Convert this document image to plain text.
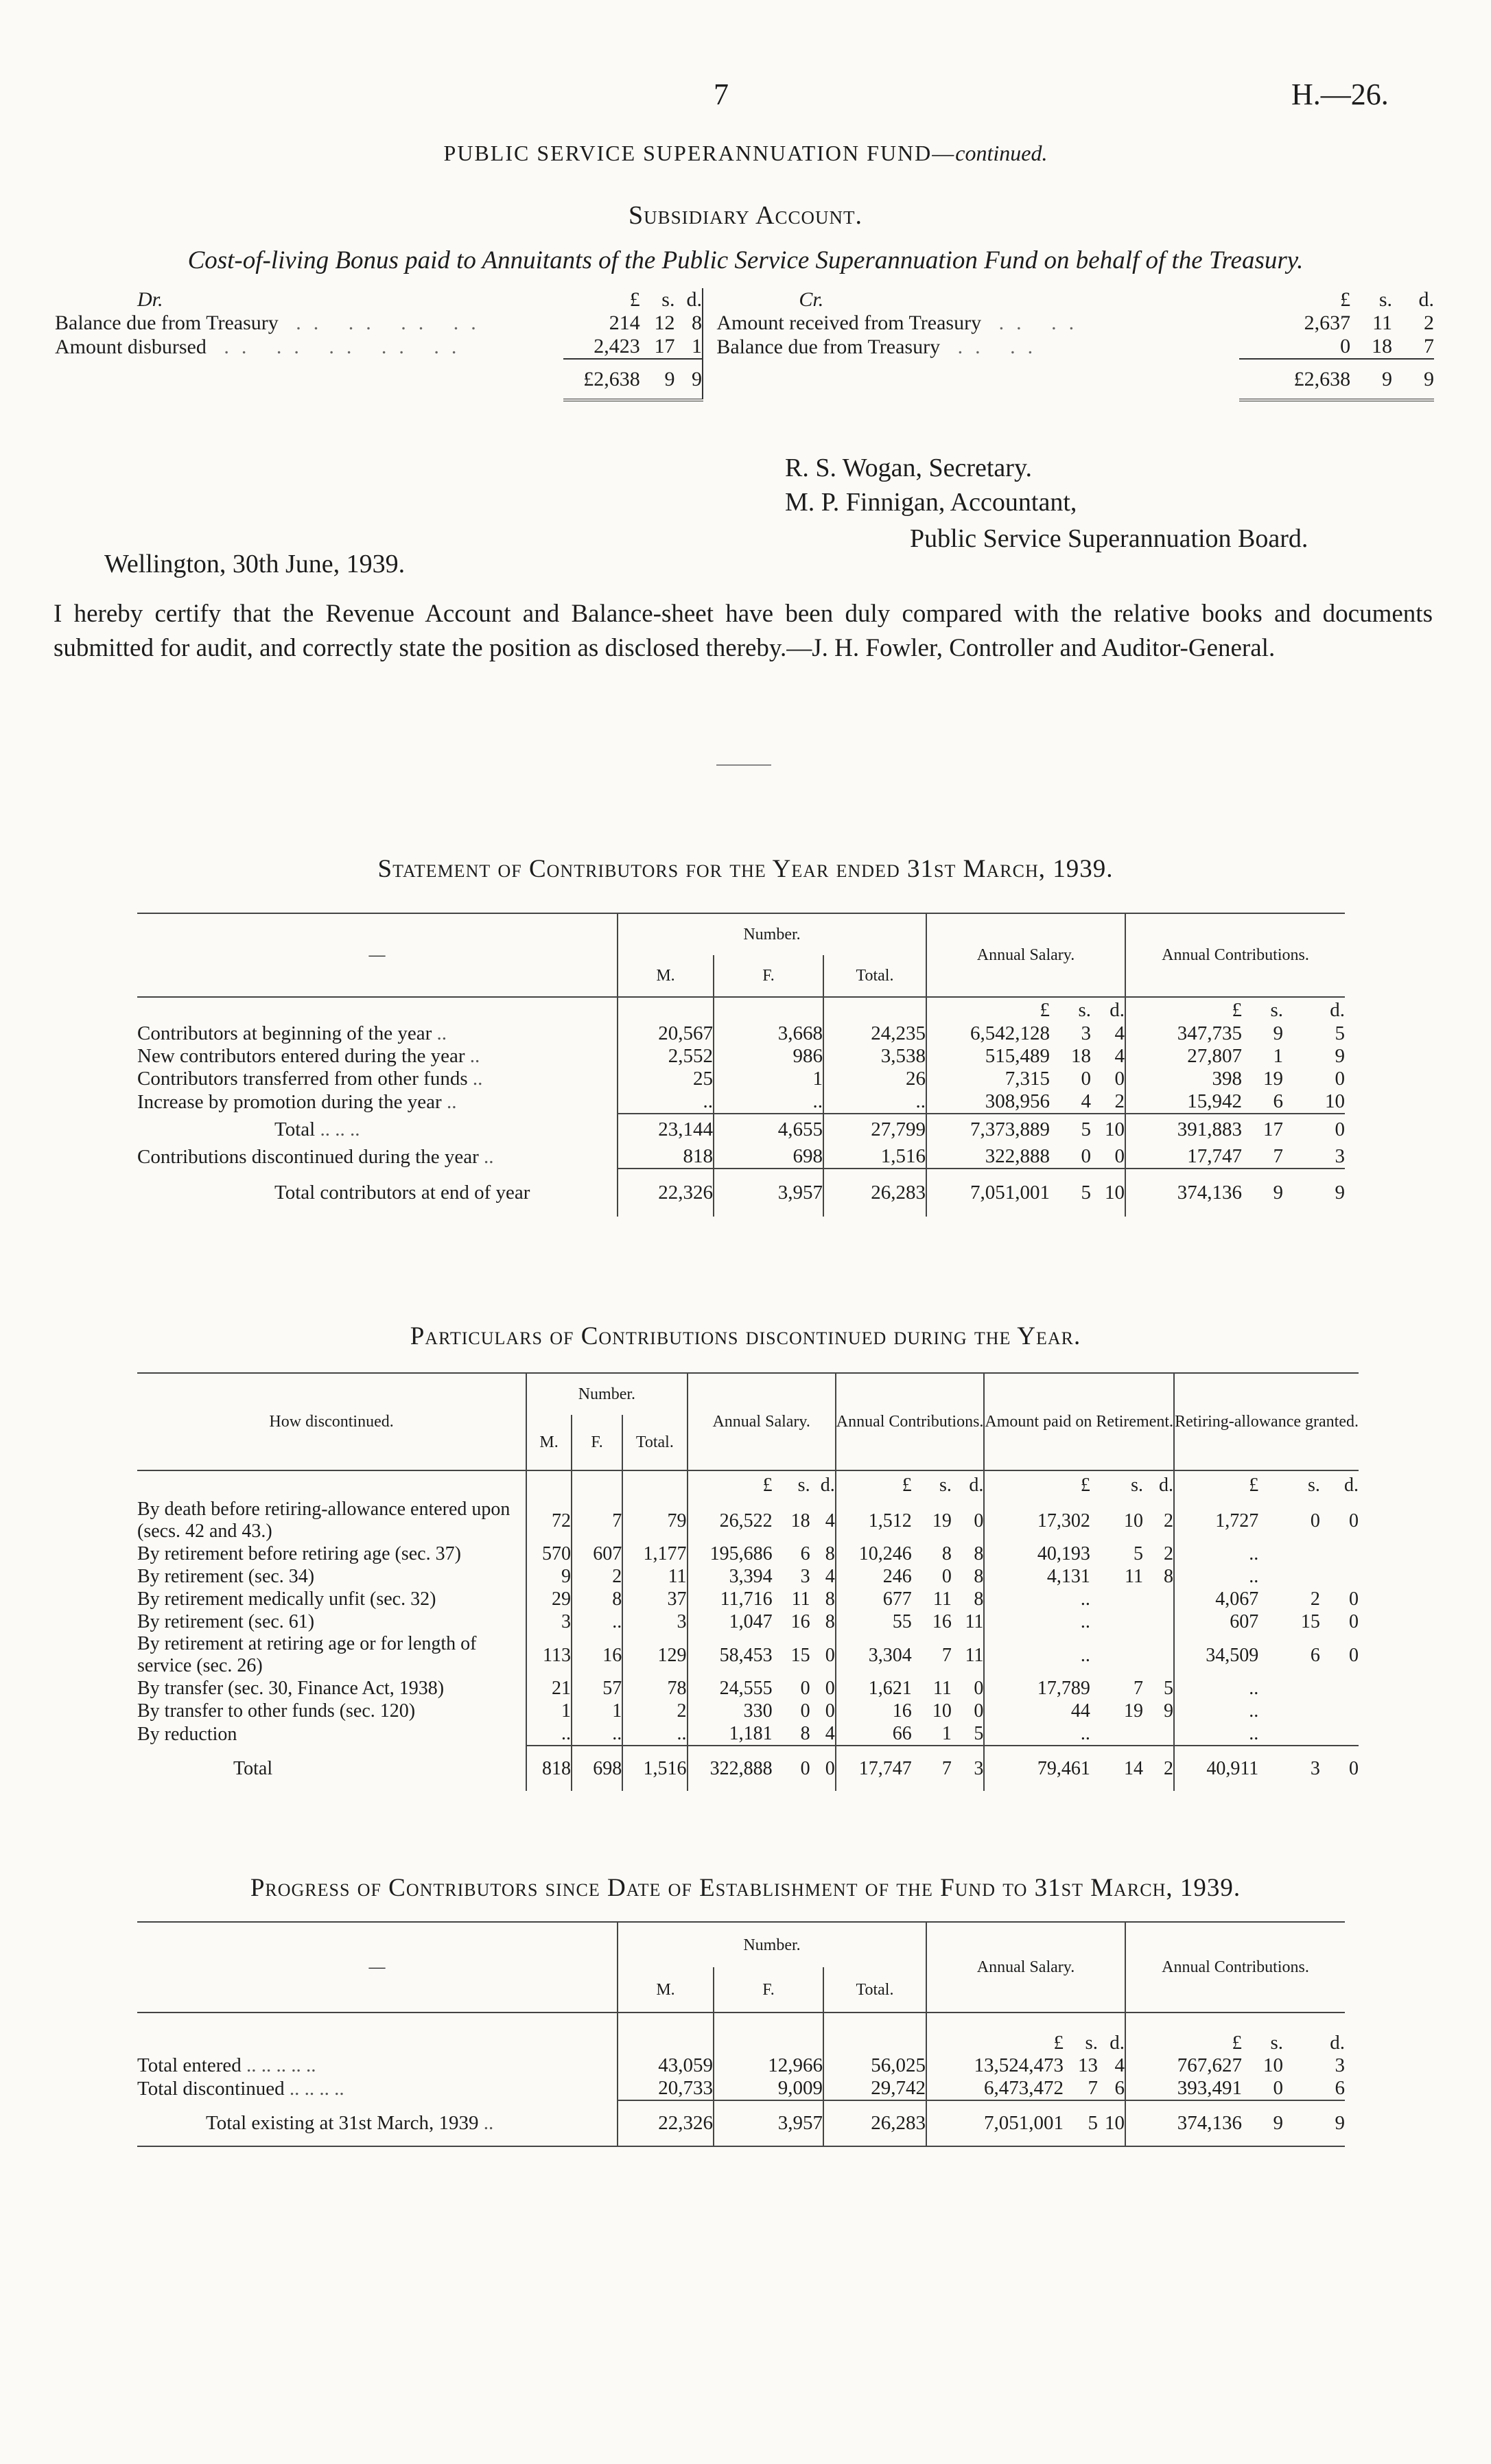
7	H.—26.
PUBLIC SERVICE SUPERANNUATION FUND—continued.
Subsidiary Account.
Cost-of-living Bonus paid to Annuitants of the Public Service Superannuation Fund on behalf of the Treasury.
Dr.	£	s.	d.		Cr.	£	s.	d.
Balance due from Treasury .. .. .. ..	214	12	8		Amount received from Treasury .. ..	2,637	11	2
Amount disbursed .. .. .. .. ..	2,423	17	1		Balance due from Treasury .. ..	0	18	7
	£2,638	9	9			£2,638	9	9
R. S. Wogan, Secretary.
M. P. Finnigan, Accountant,
Public Service Superannuation Board.
Wellington, 30th June, 1939.
I hereby certify that the Revenue Account and Balance-sheet have been duly compared with the relative books and documents submitted for audit, and correctly state the position as disclosed thereby.—J. H. Fowler, Controller and Auditor-General.
Statement of Contributors for the Year ended 31st March, 1939.
—	Number.			Annual Salary.			Annual Contributions.		
	M.	F.	Total.						
				£	s.	d.	£	s.	d.
Contributors at beginning of the year ..	20,567	3,668	24,235	6,542,128	3	4	347,735	9	5
New contributors entered during the year ..	2,552	986	3,538	515,489	18	4	27,807	1	9
Contributors transferred from other funds ..	25	1	26	7,315	0	0	398	19	0
Increase by promotion during the year ..	..	..	..	308,956	4	2	15,942	6	10
Total .. .. ..	23,144	4,655	27,799	7,373,889	5	10	391,883	17	0
Contributions discontinued during the year ..	818	698	1,516	322,888	0	0	17,747	7	3
Total contributors at end of year	22,326	3,957	26,283	7,051,001	5	10	374,136	9	9
Particulars of Contributions discontinued during the Year.
How discontinued.	Number.			Annual Salary.			Annual Contributions.			Amount paid on Retirement.			Retiring-allowance granted.		
	M.	F.	Total.												
				£	s.	d.	£	s.	d.	£	s.	d.	£	s.	d.
By death before retiring-allowance entered upon (secs. 42 and 43.)	72	7	79	26,522	18	4	1,512	19	0	17,302	10	2	1,727	0	0
By retirement before retiring age (sec. 37)	570	607	1,177	195,686	6	8	10,246	8	8	40,193	5	2	..		
By retirement (sec. 34)	9	2	11	3,394	3	4	246	0	8	4,131	11	8	..		
By retirement medically unfit (sec. 32)	29	8	37	11,716	11	8	677	11	8	..			4,067	2	0
By retirement (sec. 61)	3	..	3	1,047	16	8	55	16	11	..			607	15	0
By retirement at retiring age or for length of service (sec. 26)	113	16	129	58,453	15	0	3,304	7	11	..			34,509	6	0
By transfer (sec. 30, Finance Act, 1938)	21	57	78	24,555	0	0	1,621	11	0	17,789	7	5	..		
By transfer to other funds (sec. 120)	1	1	2	330	0	0	16	10	0	44	19	9	..		
By reduction	..	..	..	1,181	8	4	66	1	5	..			..		
Total	818	698	1,516	322,888	0	0	17,747	7	3	79,461	14	2	40,911	3	0
Progress of Contributors since Date of Establishment of the Fund to 31st March, 1939.
—	Number.			Annual Salary.			Annual Contributions.		
	M.	F.	Total.						
				£	s.	d.	£	s.	d.
Total entered .. .. .. .. ..	43,059	12,966	56,025	13,524,473	13	4	767,627	10	3
Total discontinued .. .. .. ..	20,733	9,009	29,742	6,473,472	7	6	393,491	0	6
Total existing at 31st March, 1939 ..	22,326	3,957	26,283	7,051,001	5	10	374,136	9	9
